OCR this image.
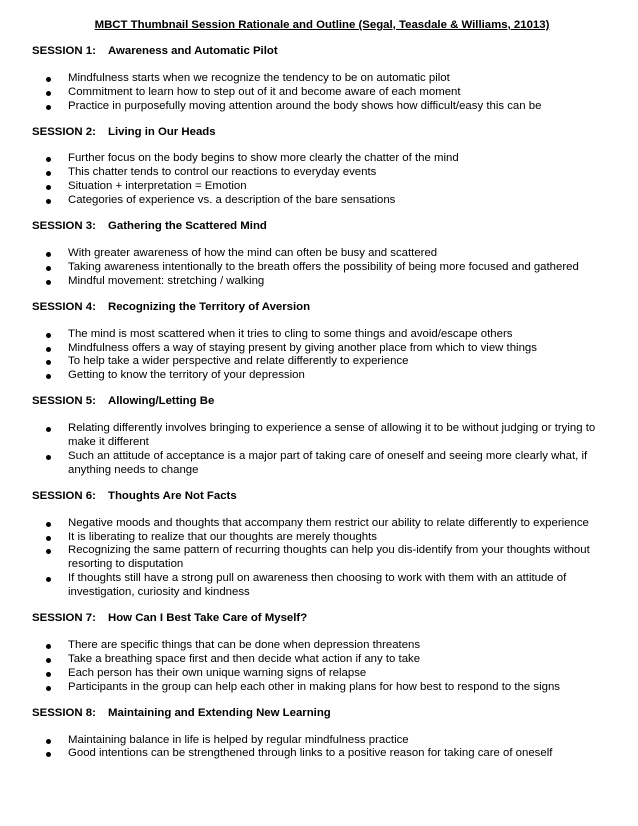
MBCT Thumbnail Session Rationale and Outline (Segal, Teasdale & Williams, 21013)
SESSION 1: Awareness and Automatic Pilot
Mindfulness starts when we recognize the tendency to be on automatic pilot
Commitment to learn how to step out of it and become aware of each moment
Practice in purposefully moving attention around the body shows how difficult/easy this can be
SESSION 2: Living in Our Heads
Further focus on the body begins to show more clearly the chatter of the mind
This chatter tends to control our reactions to everyday events
Situation + interpretation = Emotion
Categories of experience vs. a description of the bare sensations
SESSION 3: Gathering the Scattered Mind
With greater awareness of how the mind can often be busy and scattered
Taking awareness intentionally to the breath offers the possibility of being more focused and gathered
Mindful movement: stretching / walking
SESSION 4: Recognizing the Territory of Aversion
The mind is most scattered when it tries to cling to some things and avoid/escape others
Mindfulness offers a way of staying present by giving another place from which to view things
To help take a wider perspective and relate differently to experience
Getting to know the territory of your depression
SESSION 5: Allowing/Letting Be
Relating differently involves bringing to experience a sense of allowing it to be without judging or trying to make it different
Such an attitude of acceptance is a major part of taking care of oneself and seeing more clearly what, if anything needs to change
SESSION 6: Thoughts Are Not Facts
Negative moods and thoughts that accompany them restrict our ability to relate differently to experience
It is liberating to realize that our thoughts are merely thoughts
Recognizing the same pattern of recurring thoughts can help you dis-identify from your thoughts without resorting to disputation
If thoughts still have a strong pull on awareness then choosing to work with them with an attitude of investigation, curiosity and kindness
SESSION 7: How Can I Best Take Care of Myself?
There are specific things that can be done when depression threatens
Take a breathing space first and then decide what action if any to take
Each person has their own unique warning signs of relapse
Participants in the group can help each other in making plans for how best to respond to the signs
SESSION 8: Maintaining and Extending New Learning
Maintaining balance in life is helped by regular mindfulness practice
Good intentions can be strengthened through links to a positive reason for taking care of oneself
